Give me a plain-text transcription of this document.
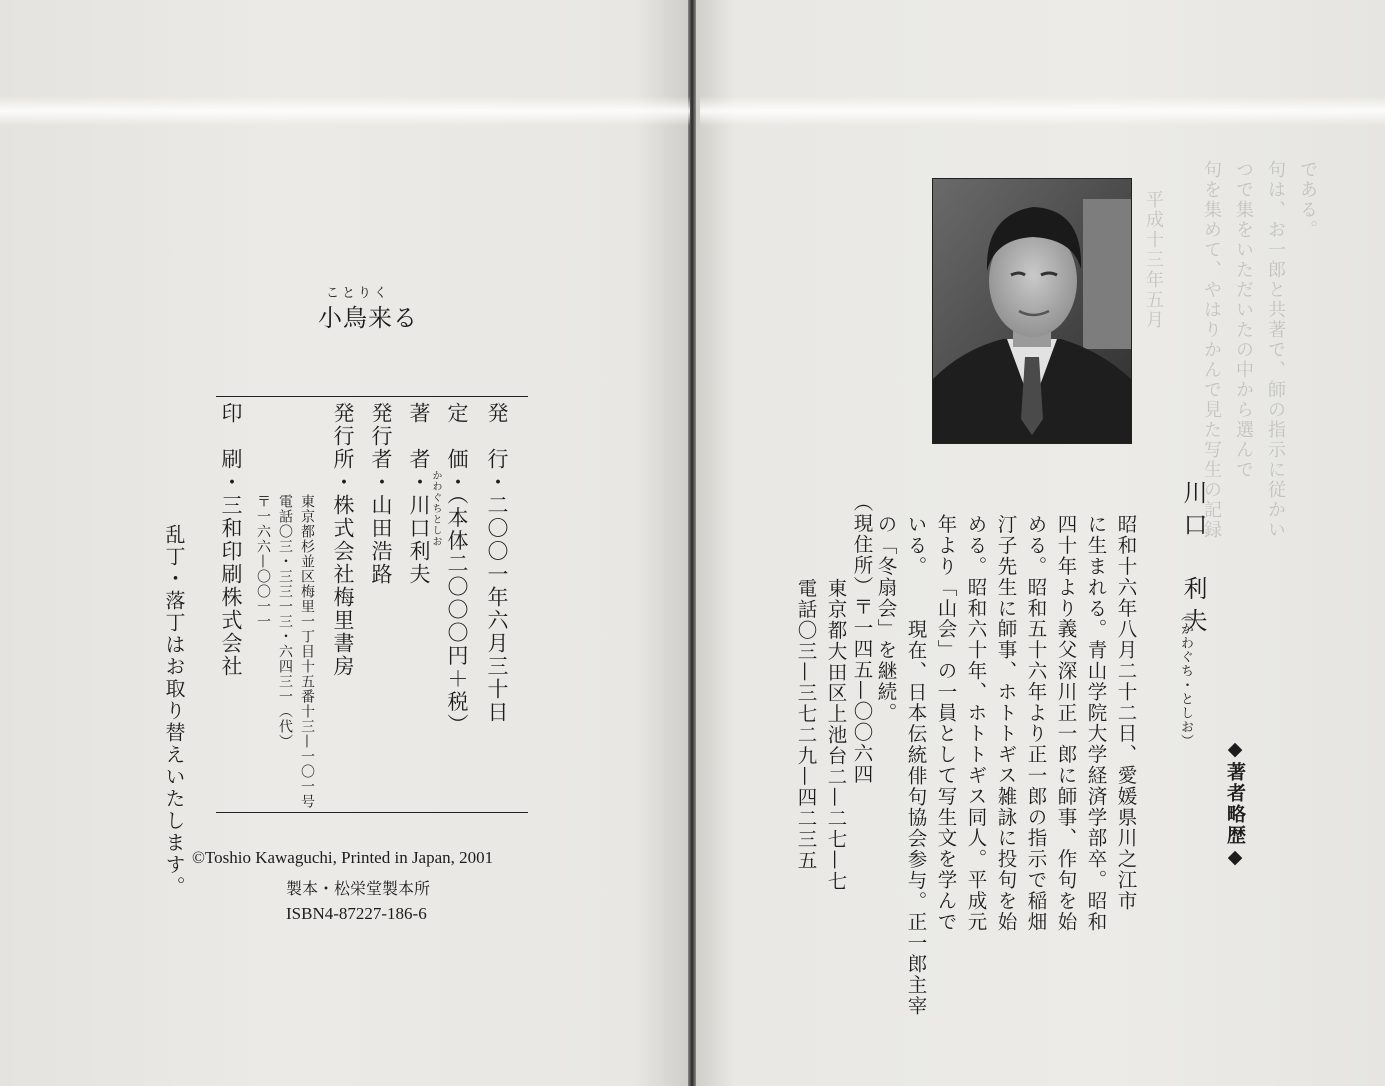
ことりく
小鳥来る
発　行・二〇〇一年六月三十日
定　価・（本体二〇〇〇円＋税）
著　者・川口利夫 かわぐちとしお
発行者・山田浩路
発行所・株式会社梅里書房
東京都杉並区梅里一丁目十五番十三—一〇一号
電話〇三・三三一三・六四三一（代）
〒一六六—〇〇一一
印　刷・三和印刷株式会社
乱丁・落丁はお取り替えいたします。 ©Toshio Kawaguchi, Printed in Japan, 2001
製本・松栄堂製本所
ISBN4-87227-186-6
である。
句は、お一郎と共著で、師の指示に従かい
つで集をいただいたの中から選んで
句を集めて、やはりかんで見た写生の記録
平成十三年五月
◆著者略歴◆
川口　利夫
（かわぐち・としお）
昭和十六年八月二十二日、愛媛県川之江市
に生まれる。青山学院大学経済学部卒。昭和
四十年より義父深川正一郎に師事、作句を始
める。昭和五十六年より正一郎の指示で稲畑
汀子先生に師事、ホトトギス雑詠に投句を始
める。昭和六十年、ホトトギス同人。平成元
年より「山会」の一員として写生文を学んで
いる。
　現在、日本伝統俳句協会参与。正一郎主宰
の「冬扇会」を継続。
（現住所）〒一四五—〇〇六四
東京都大田区上池台二—二七—七
電話〇三—三七二九—四二三五
